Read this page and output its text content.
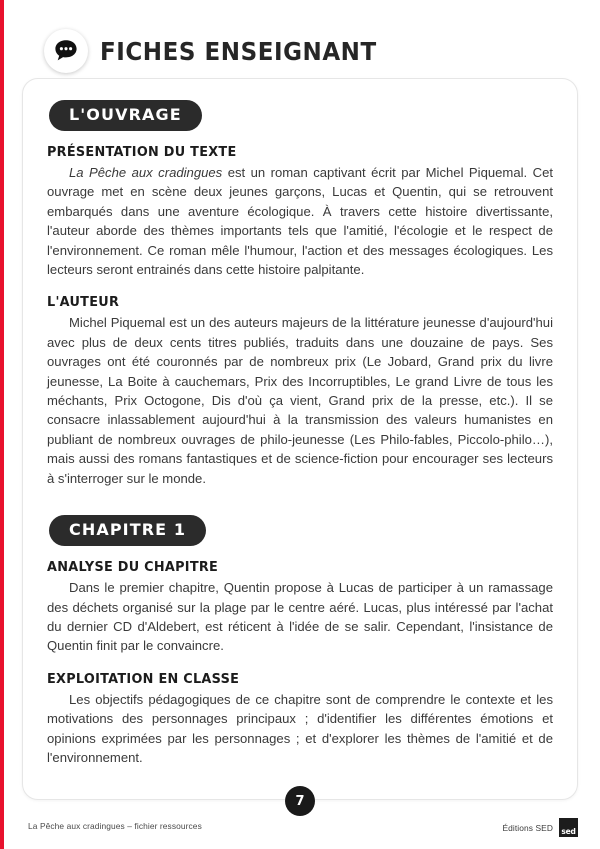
FICHES ENSEIGNANT
L'OUVRAGE
PRÉSENTATION DU TEXTE

La Pêche aux cradingues est un roman captivant écrit par Michel Piquemal. Cet ouvrage met en scène deux jeunes garçons, Lucas et Quentin, qui se retrouvent embarqués dans une aventure écologique. À travers cette histoire divertissante, l'auteur aborde des thèmes importants tels que l'amitié, l'écologie et le respect de l'environnement. Ce roman mêle l'humour, l'action et des messages écologiques. Les lecteurs seront entrainés dans cette histoire palpitante.

L'AUTEUR

Michel Piquemal est un des auteurs majeurs de la littérature jeunesse d'aujourd'hui avec plus de deux cents titres publiés, traduits dans une douzaine de pays. Ses ouvrages ont été couronnés par de nombreux prix (Le Jobard, Grand prix du livre jeunesse, La Boite à cauchemars, Prix des Incorruptibles, Le grand Livre de tous les méchants, Prix Octogone, Dis d'où ça vient, Grand prix de la presse, etc.). Il se consacre inlassablement aujourd'hui à la transmission des valeurs humanistes en publiant de nombreux ouvrages de philo-jeunesse (Les Philo-fables, Piccolo-philo…), mais aussi des romans fantastiques et de science-fiction pour encourager ses lecteurs à s'interroger sur le monde.

CHAPITRE 1
ANALYSE DU CHAPITRE

Dans le premier chapitre, Quentin propose à Lucas de participer à un ramassage des déchets organisé sur la plage par le centre aéré. Lucas, plus intéressé par l'achat du dernier CD d'Aldebert, est réticent à l'idée de se salir. Cependant, l'insistance de Quentin finit par le convaincre.

EXPLOITATION EN CLASSE

Les objectifs pédagogiques de ce chapitre sont de comprendre le contexte et les motivations des personnages principaux ; d'identifier les différentes émotions et opinions exprimées par les personnages ; et d'explorer les thèmes de l'amitié et de l'environnement.

7
La Pêche aux cradingues – fichier ressources	Éditions SED sed
